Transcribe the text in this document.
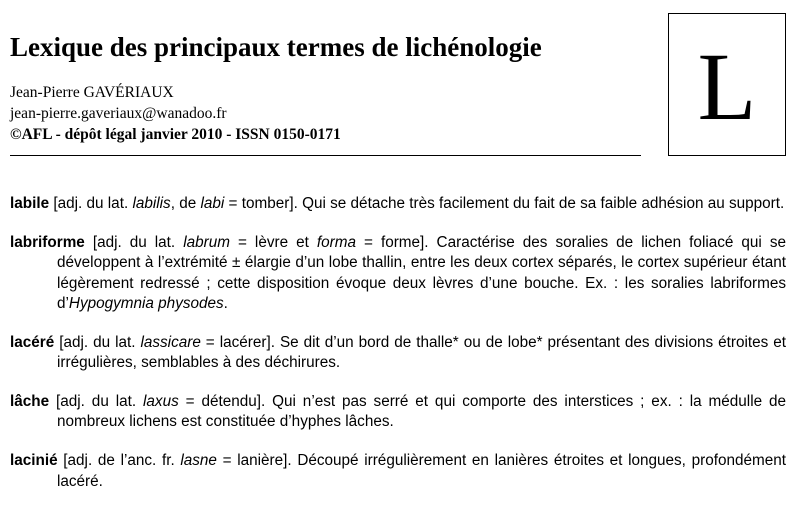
Lexique des principaux termes de lichénologie
Jean-Pierre GAVÉRIAUX
jean-pierre.gaveriaux@wanadoo.fr
©AFL - dépôt légal janvier 2010 - ISSN 0150-0171	L

labile [adj. du lat. labilis, de labi = tomber]. Qui se détache très facilement du fait de sa faible adhésion au support.

labriforme [adj. du lat. labrum = lèvre et forma = forme]. Caractérise des soralies de lichen foliacé qui se développent à l’extrémité ± élargie d’un lobe thallin, entre les deux cortex séparés, le cortex supérieur étant légèrement redressé ; cette disposition évoque deux lèvres d’une bouche. Ex. : les soralies labriformes d’Hypogymnia physodes.

lacéré [adj. du lat. lassicare = lacérer]. Se dit d’un bord de thalle* ou de lobe* présentant des divisions étroites et irrégulières, semblables à des déchirures.

lâche [adj. du lat. laxus = détendu]. Qui n’est pas serré et qui comporte des interstices ; ex. : la médulle de nombreux lichens est constituée d’hyphes lâches.

lacinié [adj. de l’anc. fr. lasne = lanière]. Découpé irrégulièrement en lanières étroites et longues, profondément lacéré.
